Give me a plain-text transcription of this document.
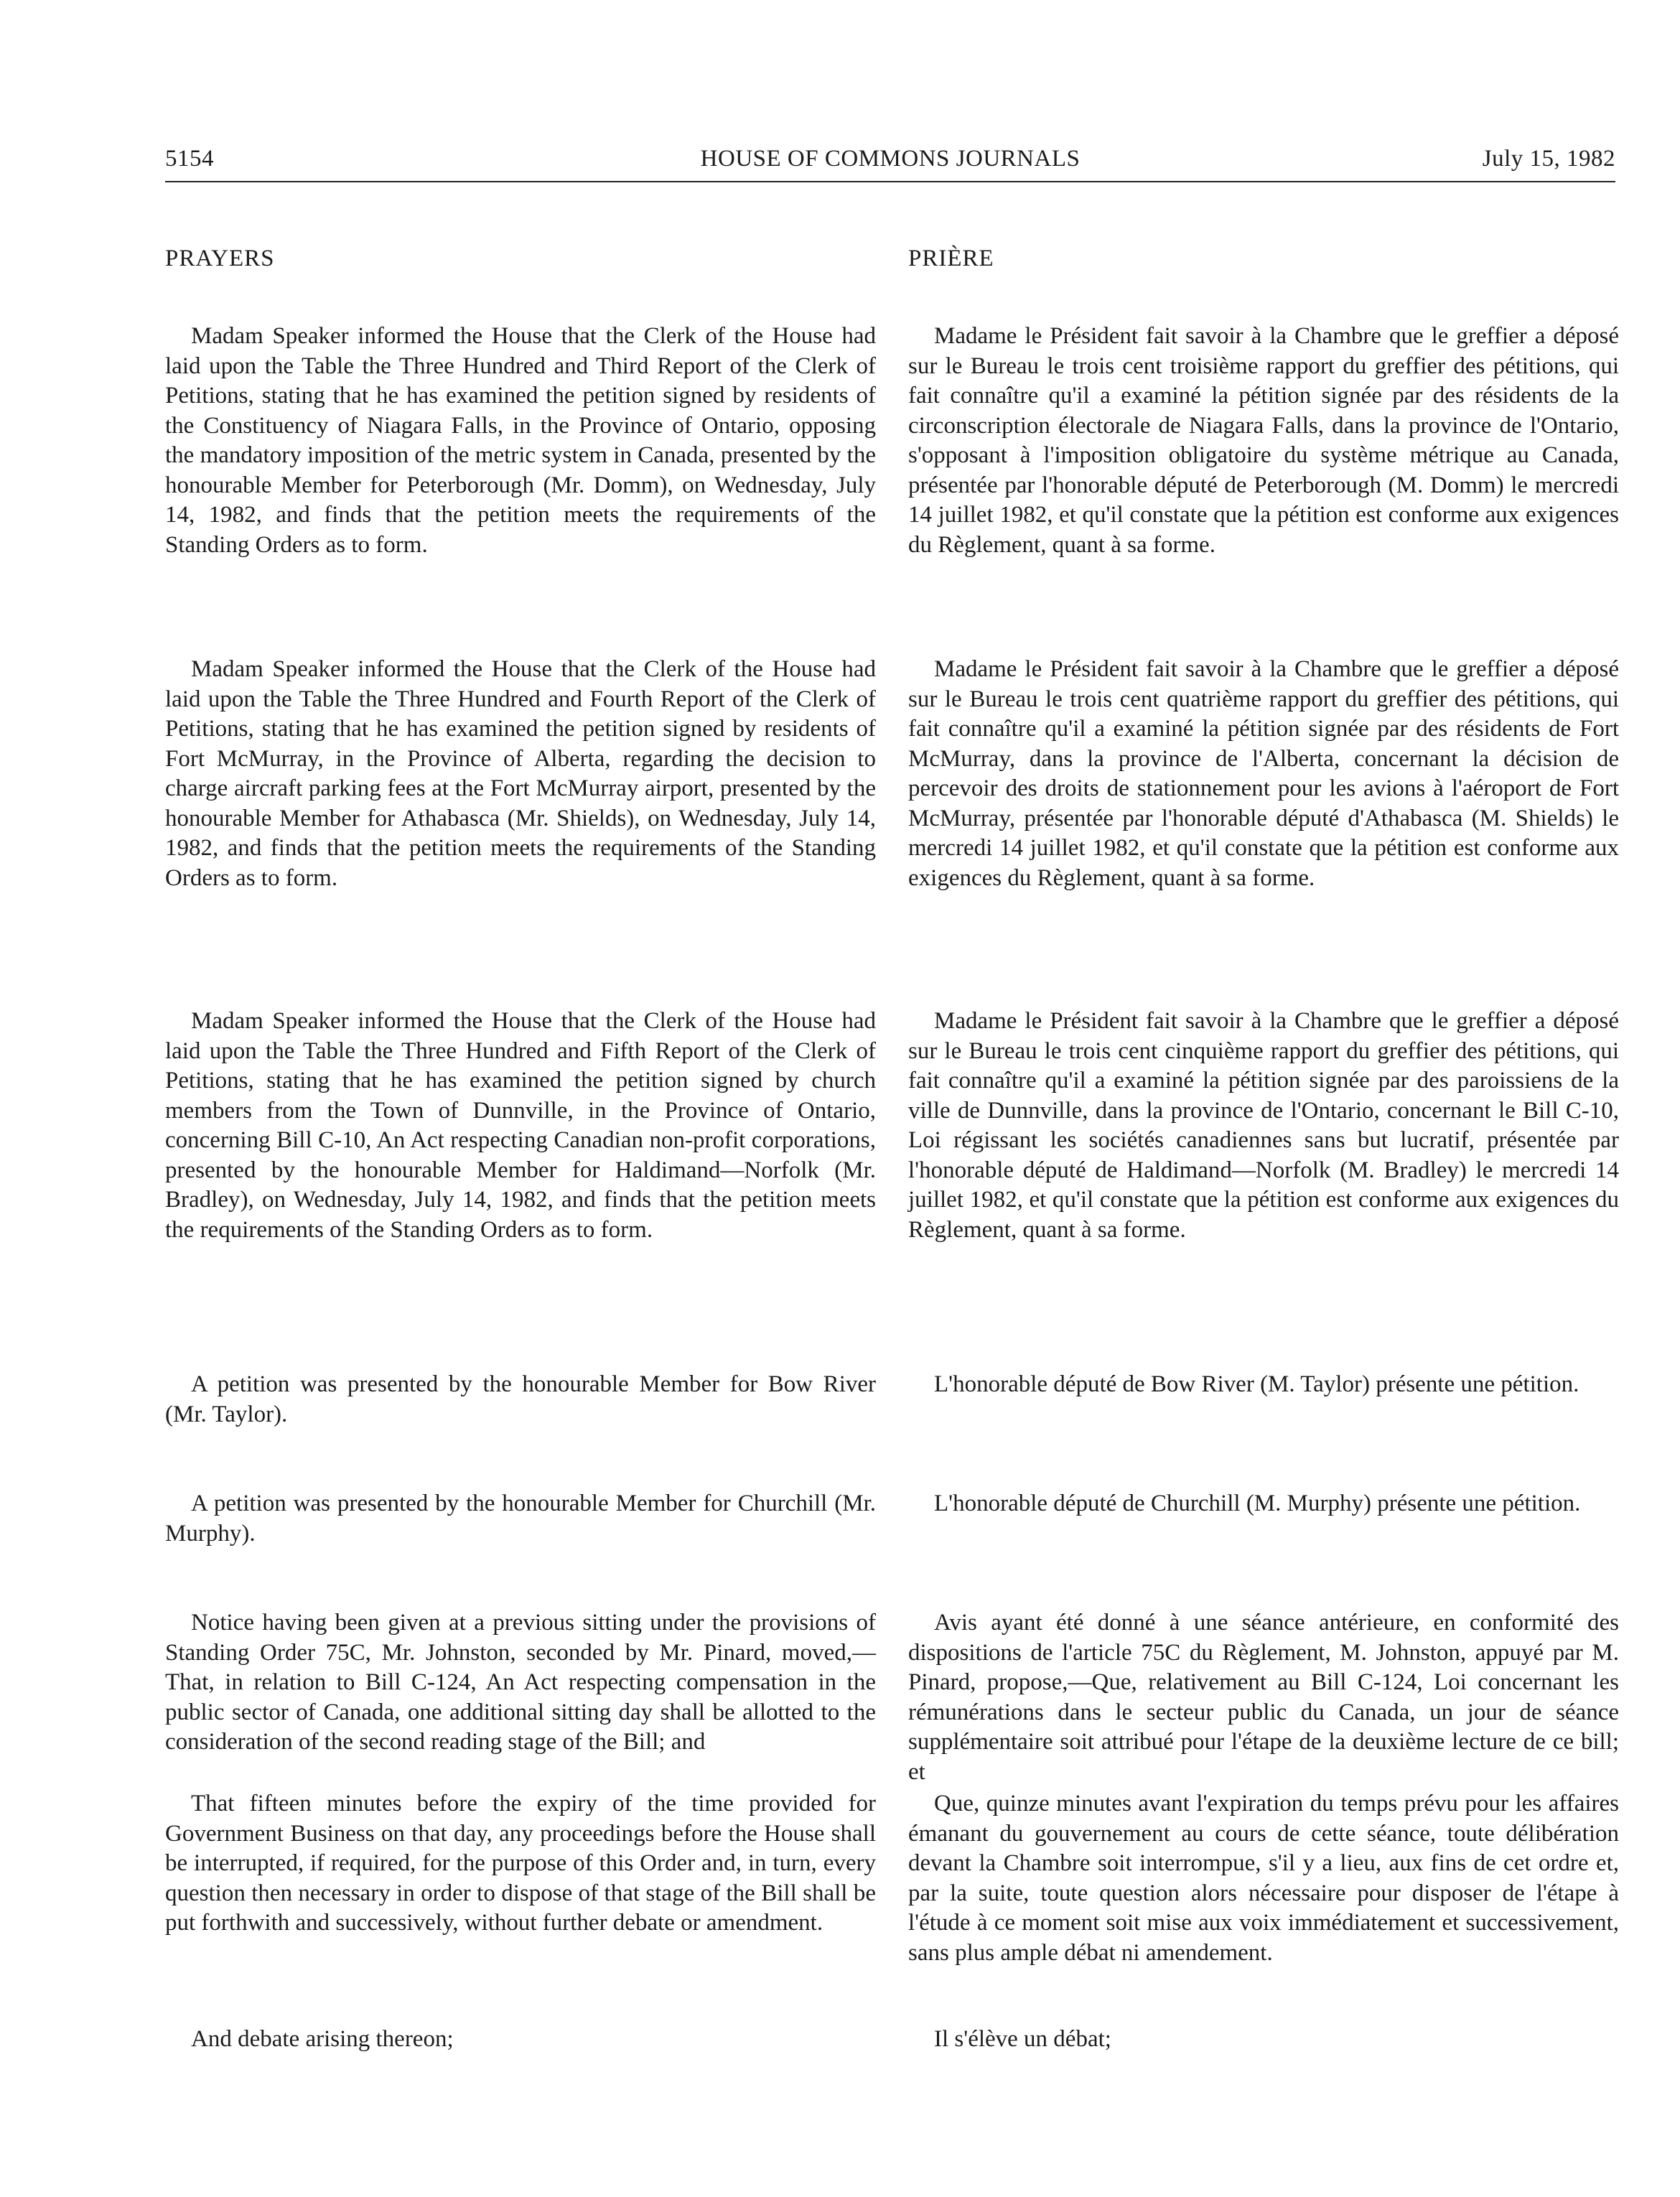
5154	HOUSE OF COMMONS JOURNALS	July 15, 1982
PRAYERS

Madam Speaker informed the House that the Clerk of the House had laid upon the Table the Three Hundred and Third Report of the Clerk of Petitions, stating that he has examined the petition signed by residents of the Constituency of Niagara Falls, in the Province of Ontario, opposing the mandatory imposition of the metric system in Canada, presented by the honourable Member for Peterborough (Mr. Domm), on Wednesday, July 14, 1982, and finds that the petition meets the requirements of the Standing Orders as to form.

Madam Speaker informed the House that the Clerk of the House had laid upon the Table the Three Hundred and Fourth Report of the Clerk of Petitions, stating that he has examined the petition signed by residents of Fort McMurray, in the Province of Alberta, regarding the decision to charge aircraft parking fees at the Fort McMurray airport, presented by the honourable Member for Athabasca (Mr. Shields), on Wednesday, July 14, 1982, and finds that the petition meets the requirements of the Standing Orders as to form.

Madam Speaker informed the House that the Clerk of the House had laid upon the Table the Three Hundred and Fifth Report of the Clerk of Petitions, stating that he has examined the petition signed by church members from the Town of Dunnville, in the Province of Ontario, concerning Bill C-10, An Act respecting Canadian non-profit corporations, presented by the honourable Member for Haldimand—Norfolk (Mr. Bradley), on Wednesday, July 14, 1982, and finds that the petition meets the requirements of the Standing Orders as to form.

A petition was presented by the honourable Member for Bow River (Mr. Taylor).

A petition was presented by the honourable Member for Churchill (Mr. Murphy).

Notice having been given at a previous sitting under the provisions of Standing Order 75C, Mr. Johnston, seconded by Mr. Pinard, moved,—That, in relation to Bill C-124, An Act respecting compensation in the public sector of Canada, one additional sitting day shall be allotted to the consideration of the second reading stage of the Bill; and

That fifteen minutes before the expiry of the time provided for Government Business on that day, any proceedings before the House shall be interrupted, if required, for the purpose of this Order and, in turn, every question then necessary in order to dispose of that stage of the Bill shall be put forthwith and successively, without further debate or amendment.

And debate arising thereon;

PRIÈRE

Madame le Président fait savoir à la Chambre que le greffier a déposé sur le Bureau le trois cent troisième rapport du greffier des pétitions, qui fait connaître qu'il a examiné la pétition signée par des résidents de la circonscription électorale de Niagara Falls, dans la province de l'Ontario, s'opposant à l'imposition obligatoire du système métrique au Canada, présentée par l'honorable député de Peterborough (M. Domm) le mercredi 14 juillet 1982, et qu'il constate que la pétition est conforme aux exigences du Règlement, quant à sa forme.

Madame le Président fait savoir à la Chambre que le greffier a déposé sur le Bureau le trois cent quatrième rapport du greffier des pétitions, qui fait connaître qu'il a examiné la pétition signée par des résidents de Fort McMurray, dans la province de l'Alberta, concernant la décision de percevoir des droits de stationnement pour les avions à l'aéroport de Fort McMurray, présentée par l'honorable député d'Athabasca (M. Shields) le mercredi 14 juillet 1982, et qu'il constate que la pétition est conforme aux exigences du Règlement, quant à sa forme.

Madame le Président fait savoir à la Chambre que le greffier a déposé sur le Bureau le trois cent cinquième rapport du greffier des pétitions, qui fait connaître qu'il a examiné la pétition signée par des paroissiens de la ville de Dunnville, dans la province de l'Ontario, concernant le Bill C-10, Loi régissant les sociétés canadiennes sans but lucratif, présentée par l'honorable député de Haldimand—Norfolk (M. Bradley) le mercredi 14 juillet 1982, et qu'il constate que la pétition est conforme aux exigences du Règlement, quant à sa forme.

L'honorable député de Bow River (M. Taylor) présente une pétition.

L'honorable député de Churchill (M. Murphy) présente une pétition.

Avis ayant été donné à une séance antérieure, en conformité des dispositions de l'article 75C du Règlement, M. Johnston, appuyé par M. Pinard, propose,—Que, relativement au Bill C-124, Loi concernant les rémunérations dans le secteur public du Canada, un jour de séance supplémentaire soit attribué pour l'étape de la deuxième lecture de ce bill; et

Que, quinze minutes avant l'expiration du temps prévu pour les affaires émanant du gouvernement au cours de cette séance, toute délibération devant la Chambre soit interrompue, s'il y a lieu, aux fins de cet ordre et, par la suite, toute question alors nécessaire pour disposer de l'étape à l'étude à ce moment soit mise aux voix immédiatement et successivement, sans plus ample débat ni amendement.

Il s'élève un débat;
